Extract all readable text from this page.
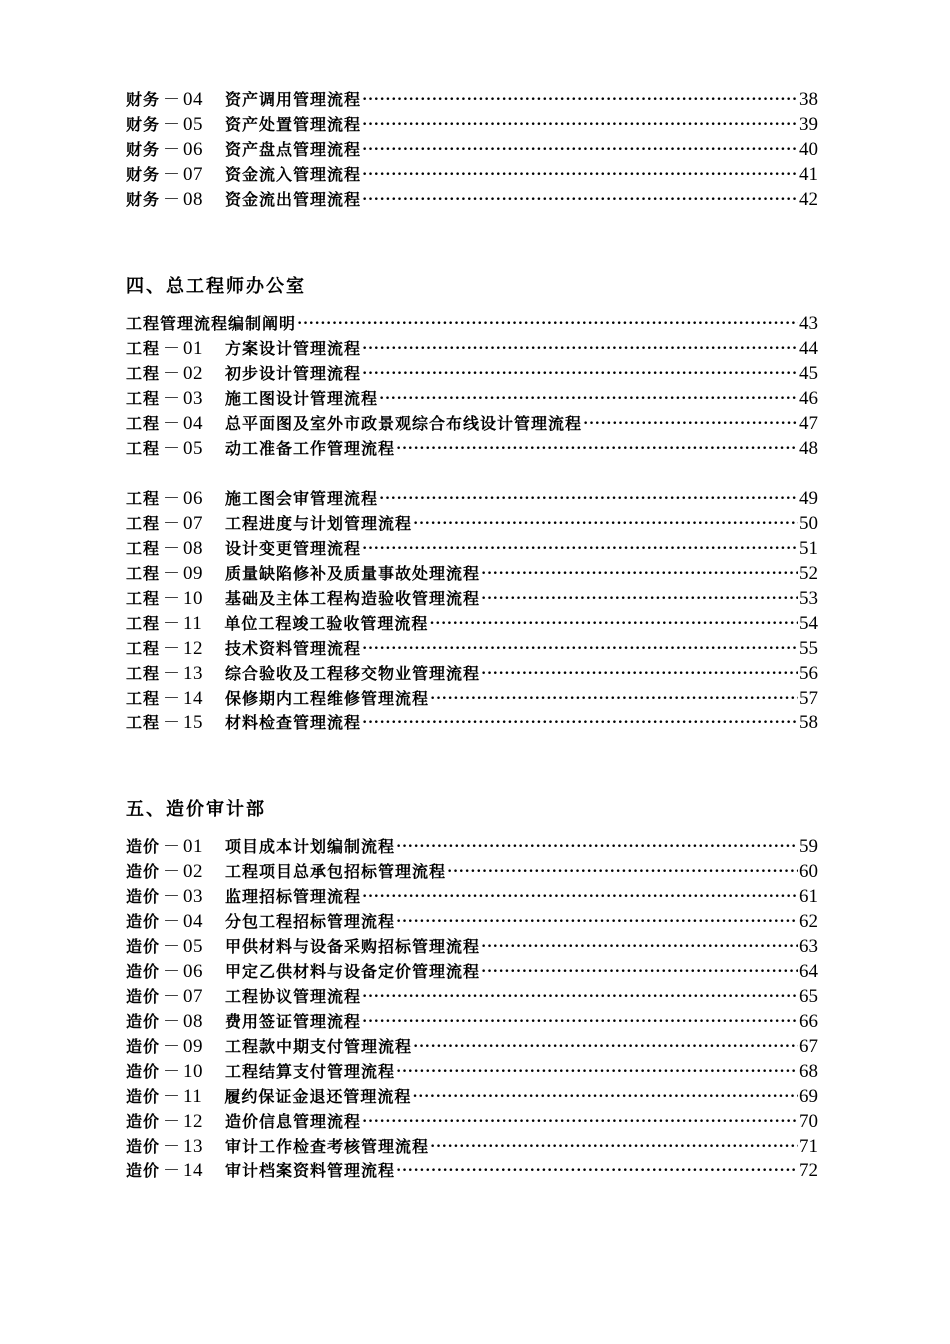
财务 － 04 资产调用管理流程 •••••	38
财务 － 05 资产处置管理流程 •••••	39
财务 － 06 资产盘点管理流程 •••••	40
财务 － 07 资金流入管理流程 •••••	41
财务 － 08 资金流出管理流程 •••••	42
四、总工程师办公室
工程管理流程编制阐明 •••••	43
工程 － 01 方案设计管理流程 •••••	44
工程 － 02 初步设计管理流程 •••••	45
工程 － 03 施工图设计管理流程 •••••	46
工程 － 04 总平面图及室外市政景观综合布线设计管理流程 •••••	47
工程 － 05 动工准备工作管理流程 •••••	48
工程 － 06 施工图会审管理流程 •••••	49
工程 － 07 工程进度与计划管理流程 •••••	50
工程 － 08 设计变更管理流程 •••••	51
工程 － 09 质量缺陷修补及质量事故处理流程 •••••	52
工程 － 10 基础及主体工程构造验收管理流程 •••••	53
工程 － 11 单位工程竣工验收管理流程 •••••	54
工程 － 12 技术资料管理流程 •••••	55
工程 － 13 综合验收及工程移交物业管理流程 •••••	56
工程 － 14 保修期内工程维修管理流程 •••••	57
工程 － 15 材料检查管理流程 •••••	58
五、造价审计部
造价 － 01 项目成本计划编制流程 •••••	59
造价 － 02 工程项目总承包招标管理流程 •••••	60
造价 － 03 监理招标管理流程 •••••	61
造价 － 04 分包工程招标管理流程 •••••	62
造价 － 05 甲供材料与设备采购招标管理流程 •••••	63
造价 － 06 甲定乙供材料与设备定价管理流程 •••••	64
造价 － 07 工程协议管理流程 •••••	65
造价 － 08 费用签证管理流程 •••••	66
造价 － 09 工程款中期支付管理流程 •••••	67
造价 － 10 工程结算支付管理流程 •••••	68
造价 － 11 履约保证金退还管理流程 •••••	69
造价 － 12 造价信息管理流程 •••••	70
造价 － 13 审计工作检查考核管理流程 •••••	71
造价 － 14 审计档案资料管理流程 •••••	72
